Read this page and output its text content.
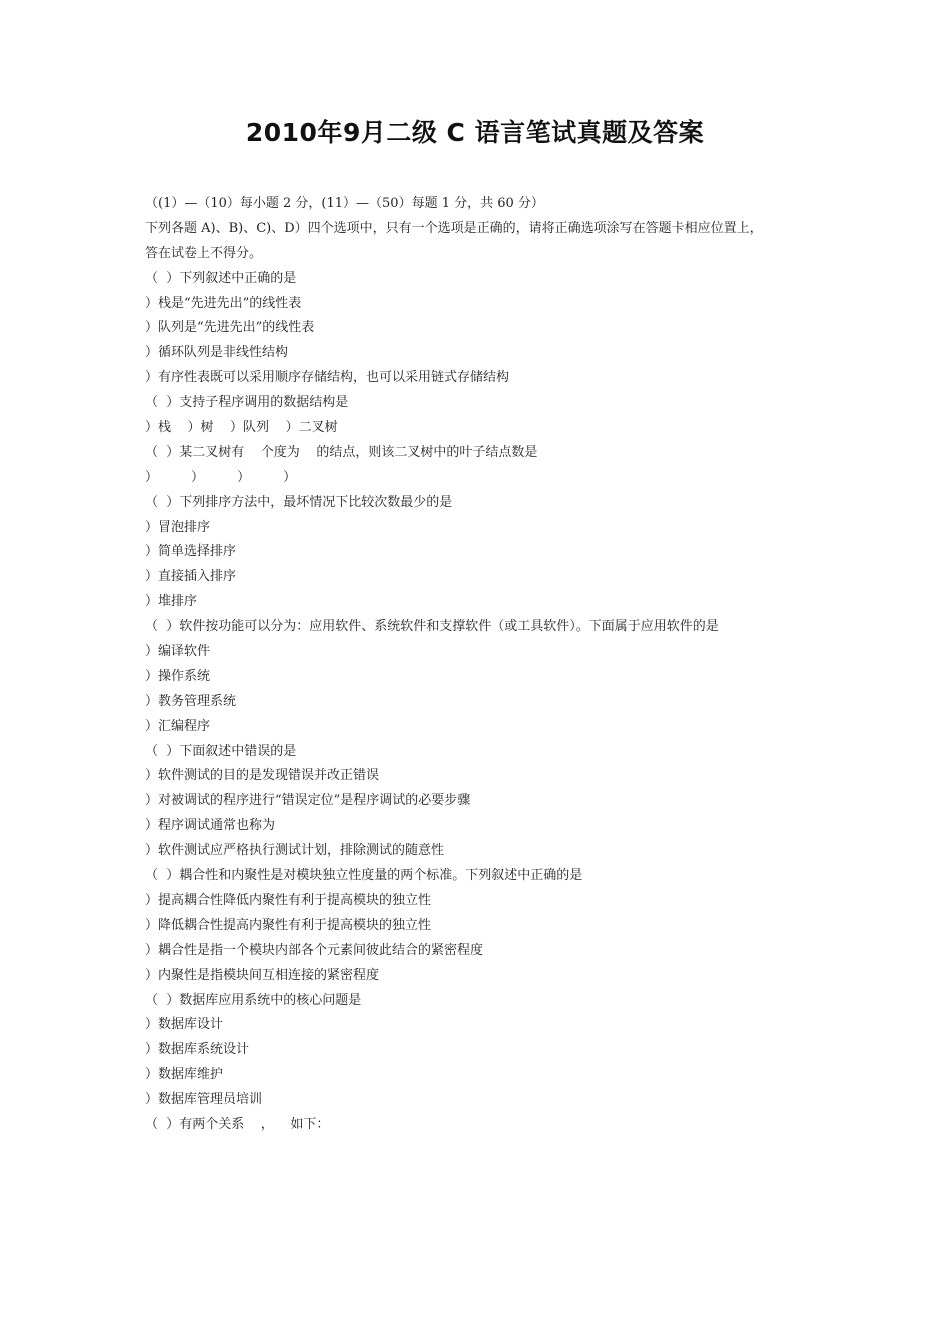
2010年9月二级 C 语言笔试真题及答案
（(1）—（10）每小题 2 分，(11）—（50）每题 1 分，共 60 分）
下列各题 A)、B)、C)、D）四个选项中，只有一个选项是正确的，请将正确选项涂写在答题卡相应位置上，
答在试卷上不得分。
（  ）下列叙述中正确的是
）栈是“先进先出”的线性表
）队列是“先进先出”的线性表
）循环队列是非线性结构
）有序性表既可以采用顺序存储结构，也可以采用链式存储结构
（  ）支持子程序调用的数据结构是
）栈    ）树    ）队列    ）二叉树
（  ）某二叉树有    个度为    的结点，则该二叉树中的叶子结点数是
）        ）        ）        ）
（  ）下列排序方法中，最坏情况下比较次数最少的是
）冒泡排序
）简单选择排序
）直接插入排序
）堆排序
（  ）软件按功能可以分为：应用软件、系统软件和支撑软件（或工具软件）。下面属于应用软件的是
）编译软件
）操作系统
）教务管理系统
）汇编程序
（  ）下面叙述中错误的是
）软件测试的目的是发现错误并改正错误
）对被调试的程序进行“错误定位”是程序调试的必要步骤
）程序调试通常也称为
）软件测试应严格执行测试计划，排除测试的随意性
（  ）耦合性和内聚性是对模块独立性度量的两个标准。下列叙述中正确的是
）提高耦合性降低内聚性有利于提高模块的独立性
）降低耦合性提高内聚性有利于提高模块的独立性
）耦合性是指一个模块内部各个元素间彼此结合的紧密程度
）内聚性是指模块间互相连接的紧密程度
（  ）数据库应用系统中的核心问题是
）数据库设计
）数据库系统设计
）数据库维护
）数据库管理员培训
（  ）有两个关系    ，    如下：
